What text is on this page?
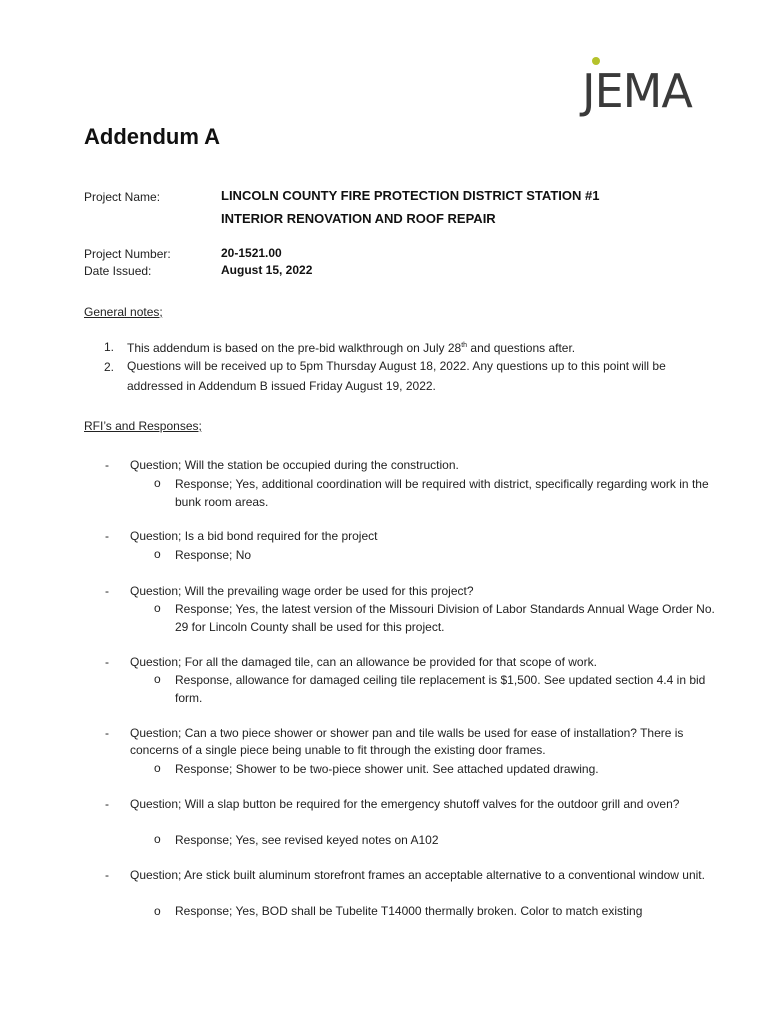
JEMA
Addendum A
Project Name:	LINCOLN COUNTY FIRE PROTECTION DISTRICT STATION #1
INTERIOR RENOVATION AND ROOF REPAIR
Project Number:	20-1521.00
Date Issued:	August 15, 2022
General notes;
1. This addendum is based on the pre-bid walkthrough on July 28th and questions after.
2. Questions will be received up to 5pm Thursday August 18, 2022. Any questions up to this point will be addressed in Addendum B issued Friday August 19, 2022.
RFI’s and Responses;
- Question; Will the station be occupied during the construction.
o Response; Yes, additional coordination will be required with district, specifically regarding work in the bunk room areas.
- Question; Is a bid bond required for the project
o Response; No
- Question; Will the prevailing wage order be used for this project?
o Response; Yes, the latest version of the Missouri Division of Labor Standards Annual Wage Order No. 29 for Lincoln County shall be used for this project.
- Question; For all the damaged tile, can an allowance be provided for that scope of work.
o Response, allowance for damaged ceiling tile replacement is $1,500. See updated section 4.4 in bid form.
- Question; Can a two piece shower or shower pan and tile walls be used for ease of installation? There is concerns of a single piece being unable to fit through the existing door frames.
o Response; Shower to be two-piece shower unit. See attached updated drawing.
- Question; Will a slap button be required for the emergency shutoff valves for the outdoor grill and oven?
o Response; Yes, see revised keyed notes on A102
- Question; Are stick built aluminum storefront frames an acceptable alternative to a conventional window unit.
o Response; Yes, BOD shall be Tubelite T14000 thermally broken. Color to match existing
